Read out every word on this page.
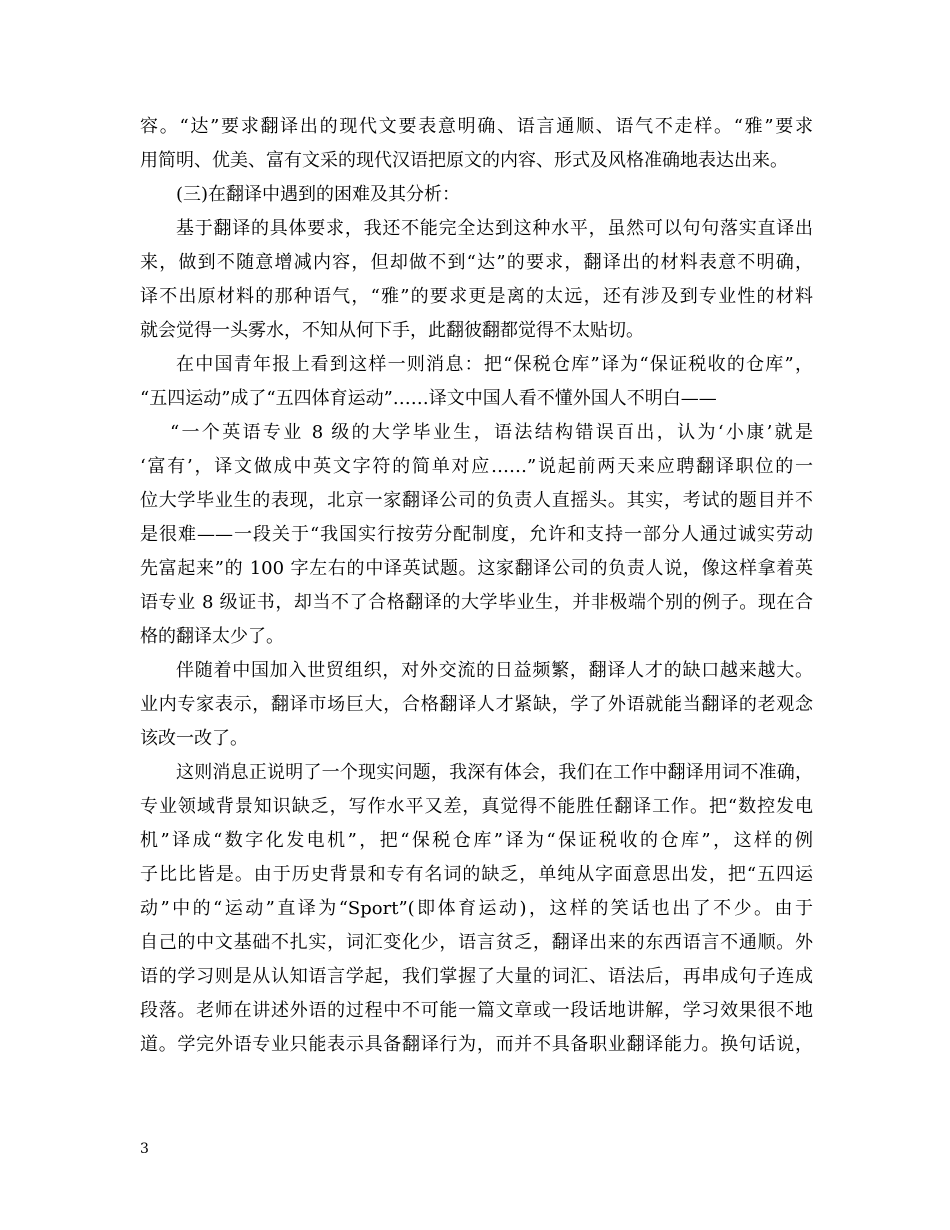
容。“达”要求翻译出的现代文要表意明确、语言通顺、语气不走样。“雅”要求
用简明、优美、富有文采的现代汉语把原文的内容、形式及风格准确地表达出来。
(三)在翻译中遇到的困难及其分析：
基于翻译的具体要求，我还不能完全达到这种水平，虽然可以句句落实直译出
来，做到不随意增减内容，但却做不到“达”的要求，翻译出的材料表意不明确，
译不出原材料的那种语气，“雅”的要求更是离的太远，还有涉及到专业性的材料
就会觉得一头雾水，不知从何下手，此翻彼翻都觉得不太贴切。
在中国青年报上看到这样一则消息：把“保税仓库”译为“保证税收的仓库”，
“五四运动”成了“五四体育运动”……译文中国人看不懂外国人不明白——
“一个英语专业 8 级的大学毕业生，语法结构错误百出，认为‘小康’就是
‘富有’，译文做成中英文字符的简单对应……”说起前两天来应聘翻译职位的一
位大学毕业生的表现，北京一家翻译公司的负责人直摇头。其实，考试的题目并不
是很难——一段关于“我国实行按劳分配制度，允许和支持一部分人通过诚实劳动
先富起来”的 100 字左右的中译英试题。这家翻译公司的负责人说，像这样拿着英
语专业 8 级证书，却当不了合格翻译的大学毕业生，并非极端个别的例子。现在合
格的翻译太少了。
伴随着中国加入世贸组织，对外交流的日益频繁，翻译人才的缺口越来越大。
业内专家表示，翻译市场巨大，合格翻译人才紧缺，学了外语就能当翻译的老观念
该改一改了。
这则消息正说明了一个现实问题，我深有体会，我们在工作中翻译用词不准确，
专业领域背景知识缺乏，写作水平又差，真觉得不能胜任翻译工作。把“数控发电
机”译成“数字化发电机”，把“保税仓库”译为“保证税收的仓库”，这样的例
子比比皆是。由于历史背景和专有名词的缺乏，单纯从字面意思出发，把“五四运
动”中的“运动”直译为“Sport”(即体育运动)，这样的笑话也出了不少。由于
自己的中文基础不扎实，词汇变化少，语言贫乏，翻译出来的东西语言不通顺。外
语的学习则是从认知语言学起，我们掌握了大量的词汇、语法后，再串成句子连成
段落。老师在讲述外语的过程中不可能一篇文章或一段话地讲解，学习效果很不地
道。学完外语专业只能表示具备翻译行为，而并不具备职业翻译能力。换句话说，
3
